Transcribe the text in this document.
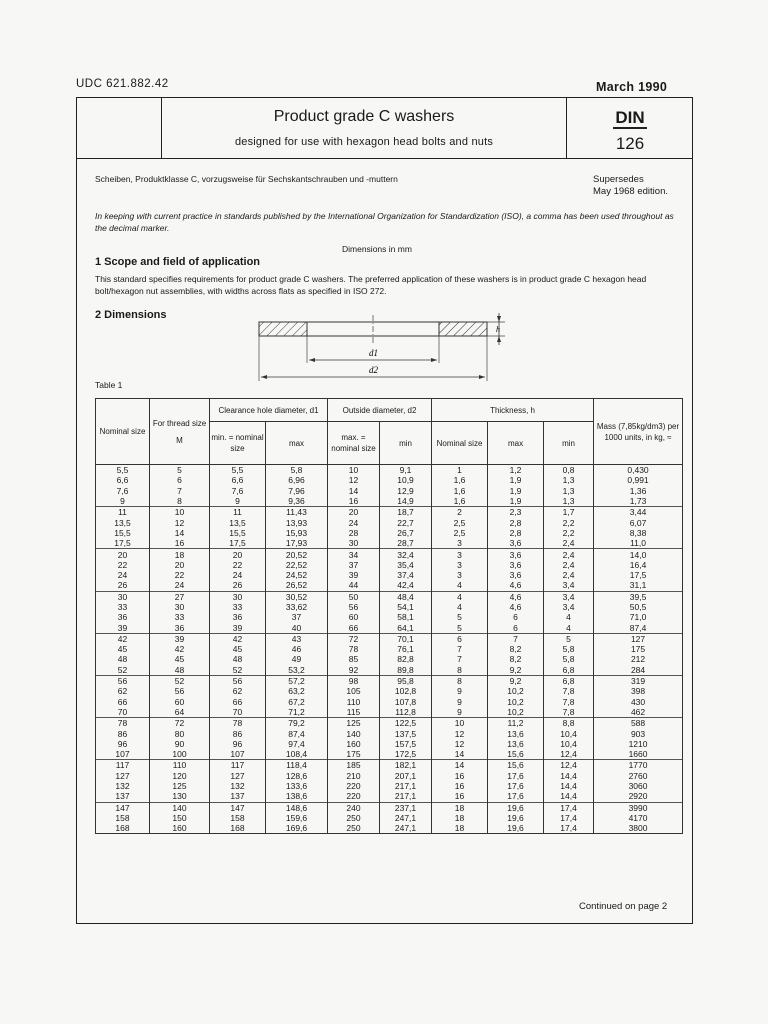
UDC 621.882.42	March 1990
Product grade C washers
designed for use with hexagon head bolts and nuts
DIN
126
Scheiben, Produktklasse C, vorzugsweise für Sechskantschrauben und -muttern	Supersedes
May 1968 edition.
In keeping with current practice in standards published by the International Organization for Standardization (ISO), a comma has been used throughout as the decimal marker.
Dimensions in mm
1 Scope and field of application
This standard specifies requirements for product grade C washers. The preferred application of these washers is in product grade C hexagon head bolt/hexagon nut assemblies, with widths across flats as specified in ISO 272.
2 Dimensions
h
d1
d2
Table 1
Nominal size	For thread size
M	Clearance hole diameter, d1		Outside diameter, d2		Thickness, h			Mass (7,85kg/dm3) per 1000 units, in kg, ≈
		min. = nominal size	max	max. = nominal size	min	Nominal size	max	min	
5,5	5	5,5	5,8	10	9,1	1	1,2	0,8	0,430
6,6	6	6,6	6,96	12	10,9	1,6	1,9	1,3	0,991
7,6	7	7,6	7,96	14	12,9	1,6	1,9	1,3	1,36
9	8	9	9,36	16	14,9	1,6	1,9	1,3	1,73
11	10	11	11,43	20	18,7	2	2,3	1,7	3,44
13,5	12	13,5	13,93	24	22,7	2,5	2,8	2,2	6,07
15,5	14	15,5	15,93	28	26,7	2,5	2,8	2,2	8,38
17,5	16	17,5	17,93	30	28,7	3	3,6	2,4	11,0
20	18	20	20,52	34	32,4	3	3,6	2,4	14,0
22	20	22	22,52	37	35,4	3	3,6	2,4	16,4
24	22	24	24,52	39	37,4	3	3,6	2,4	17,5
26	24	26	26,52	44	42,4	4	4,6	3,4	31,1
30	27	30	30,52	50	48,4	4	4,6	3,4	39,5
33	30	33	33,62	56	54,1	4	4,6	3,4	50,5
36	33	36	37	60	58,1	5	6	4	71,0
39	36	39	40	66	64,1	5	6	4	87,4
42	39	42	43	72	70,1	6	7	5	127
45	42	45	46	78	76,1	7	8,2	5,8	175
48	45	48	49	85	82,8	7	8,2	5,8	212
52	48	52	53,2	92	89,8	8	9,2	6,8	284
56	52	56	57,2	98	95,8	8	9,2	6,8	319
62	56	62	63,2	105	102,8	9	10,2	7,8	398
66	60	66	67,2	110	107,8	9	10,2	7,8	430
70	64	70	71,2	115	112,8	9	10,2	7,8	462
78	72	78	79,2	125	122,5	10	11,2	8,8	588
86	80	86	87,4	140	137,5	12	13,6	10,4	903
96	90	96	97,4	160	157,5	12	13,6	10,4	1210
107	100	107	108,4	175	172,5	14	15,6	12,4	1660
117	110	117	118,4	185	182,1	14	15,6	12,4	1770
127	120	127	128,6	210	207,1	16	17,6	14,4	2760
132	125	132	133,6	220	217,1	16	17,6	14,4	3060
137	130	137	138,6	220	217,1	16	17,6	14,4	2920
147	140	147	148,6	240	237,1	18	19,6	17,4	3990
158	150	158	159,6	250	247,1	18	19,6	17,4	4170
168	160	168	169,6	250	247,1	18	19,6	17,4	3800
Continued on page 2
